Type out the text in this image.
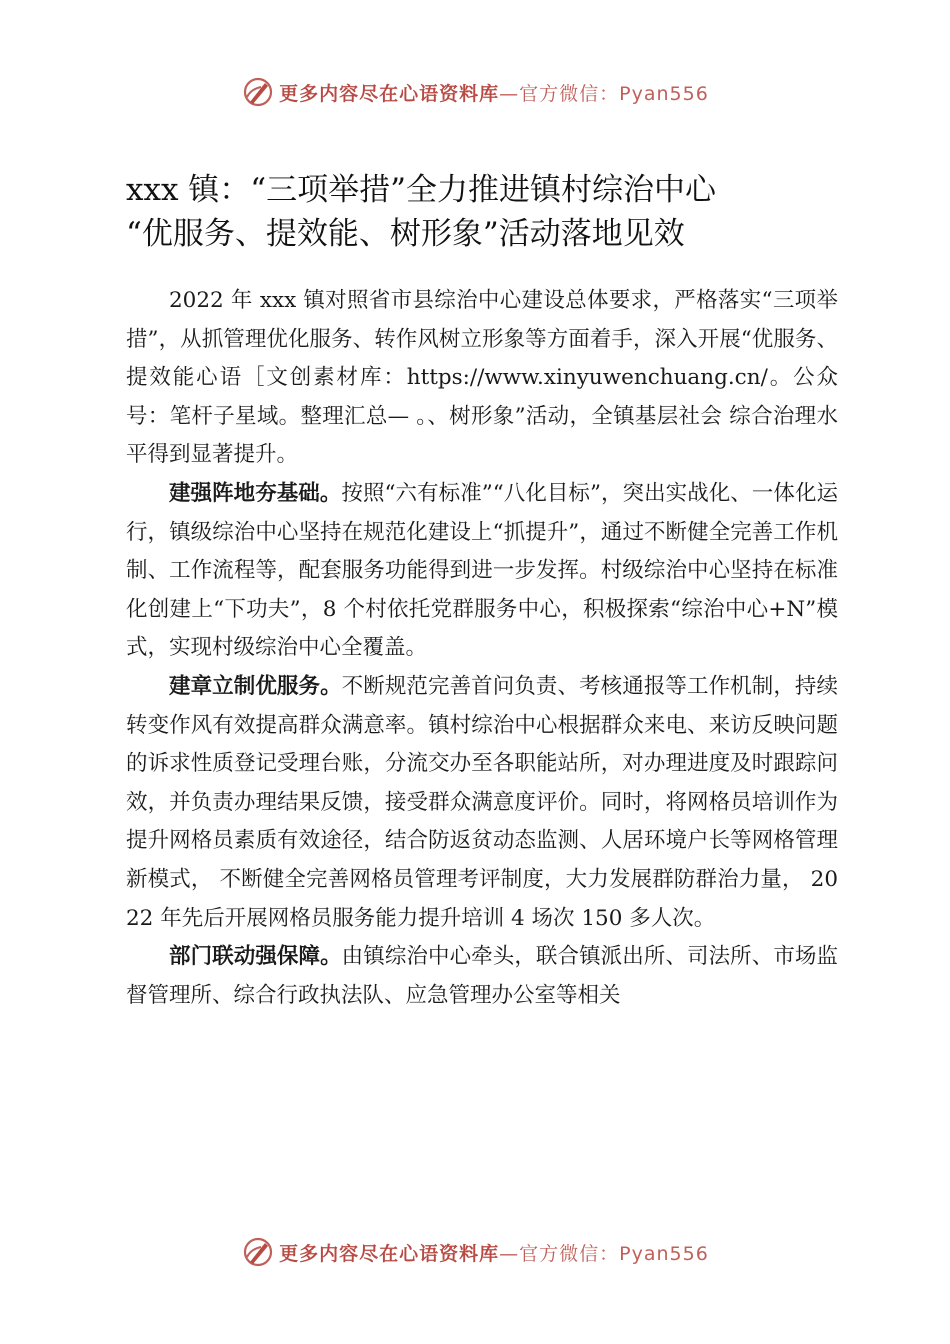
更多内容尽在心语资料库—官方微信：Pyan556
xxx 镇：“三项举措”全力推进镇村综治中心
“优服务、提效能、树形象”活动落地见效

2022 年 xxx 镇对照省市县综治中心建设总体要求，严格落实“三项举措”，从抓管理优化服务、转作风树立形象等方面着手，深入开展“优服务、提效能心语［文创素材库：https://www.xinyuwenchuang.cn/。公众号：笔杆子星域。整理汇总— 。、树形象”活动，全镇基层社会 综合治理水平得到显著提升。

建强阵地夯基础。按照“六有标准”“八化目标”，突出实战化、一体化运行，镇级综治中心坚持在规范化建设上“抓提升”，通过不断健全完善工作机制、工作流程等，配套服务功能得到进一步发挥。村级综治中心坚持在标准化创建上“下功夫”，8 个村依托党群服务中心，积极探索“综治中心+N”模式，实现村级综治中心全覆盖。

建章立制优服务。不断规范完善首问负责、考核通报等工作机制，持续转变作风有效提高群众满意率。镇村综治中心根据群众来电、来访反映问题的诉求性质登记受理台账，分流交办至各职能站所，对办理进度及时跟踪问效，并负责办理结果反馈，接受群众满意度评价。同时，将网格员培训作为提升网格员素质有效途径，结合防返贫动态监测、人居环境户长等网格管理新模式， 不断健全完善网格员管理考评制度，大力发展群防群治力量， 2022 年先后开展网格员服务能力提升培训 4 场次 150 多人次。

部门联动强保障。由镇综治中心牵头，联合镇派出所、司法所、市场监督管理所、综合行政执法队、应急管理办公室等相关

更多内容尽在心语资料库—官方微信：Pyan556
